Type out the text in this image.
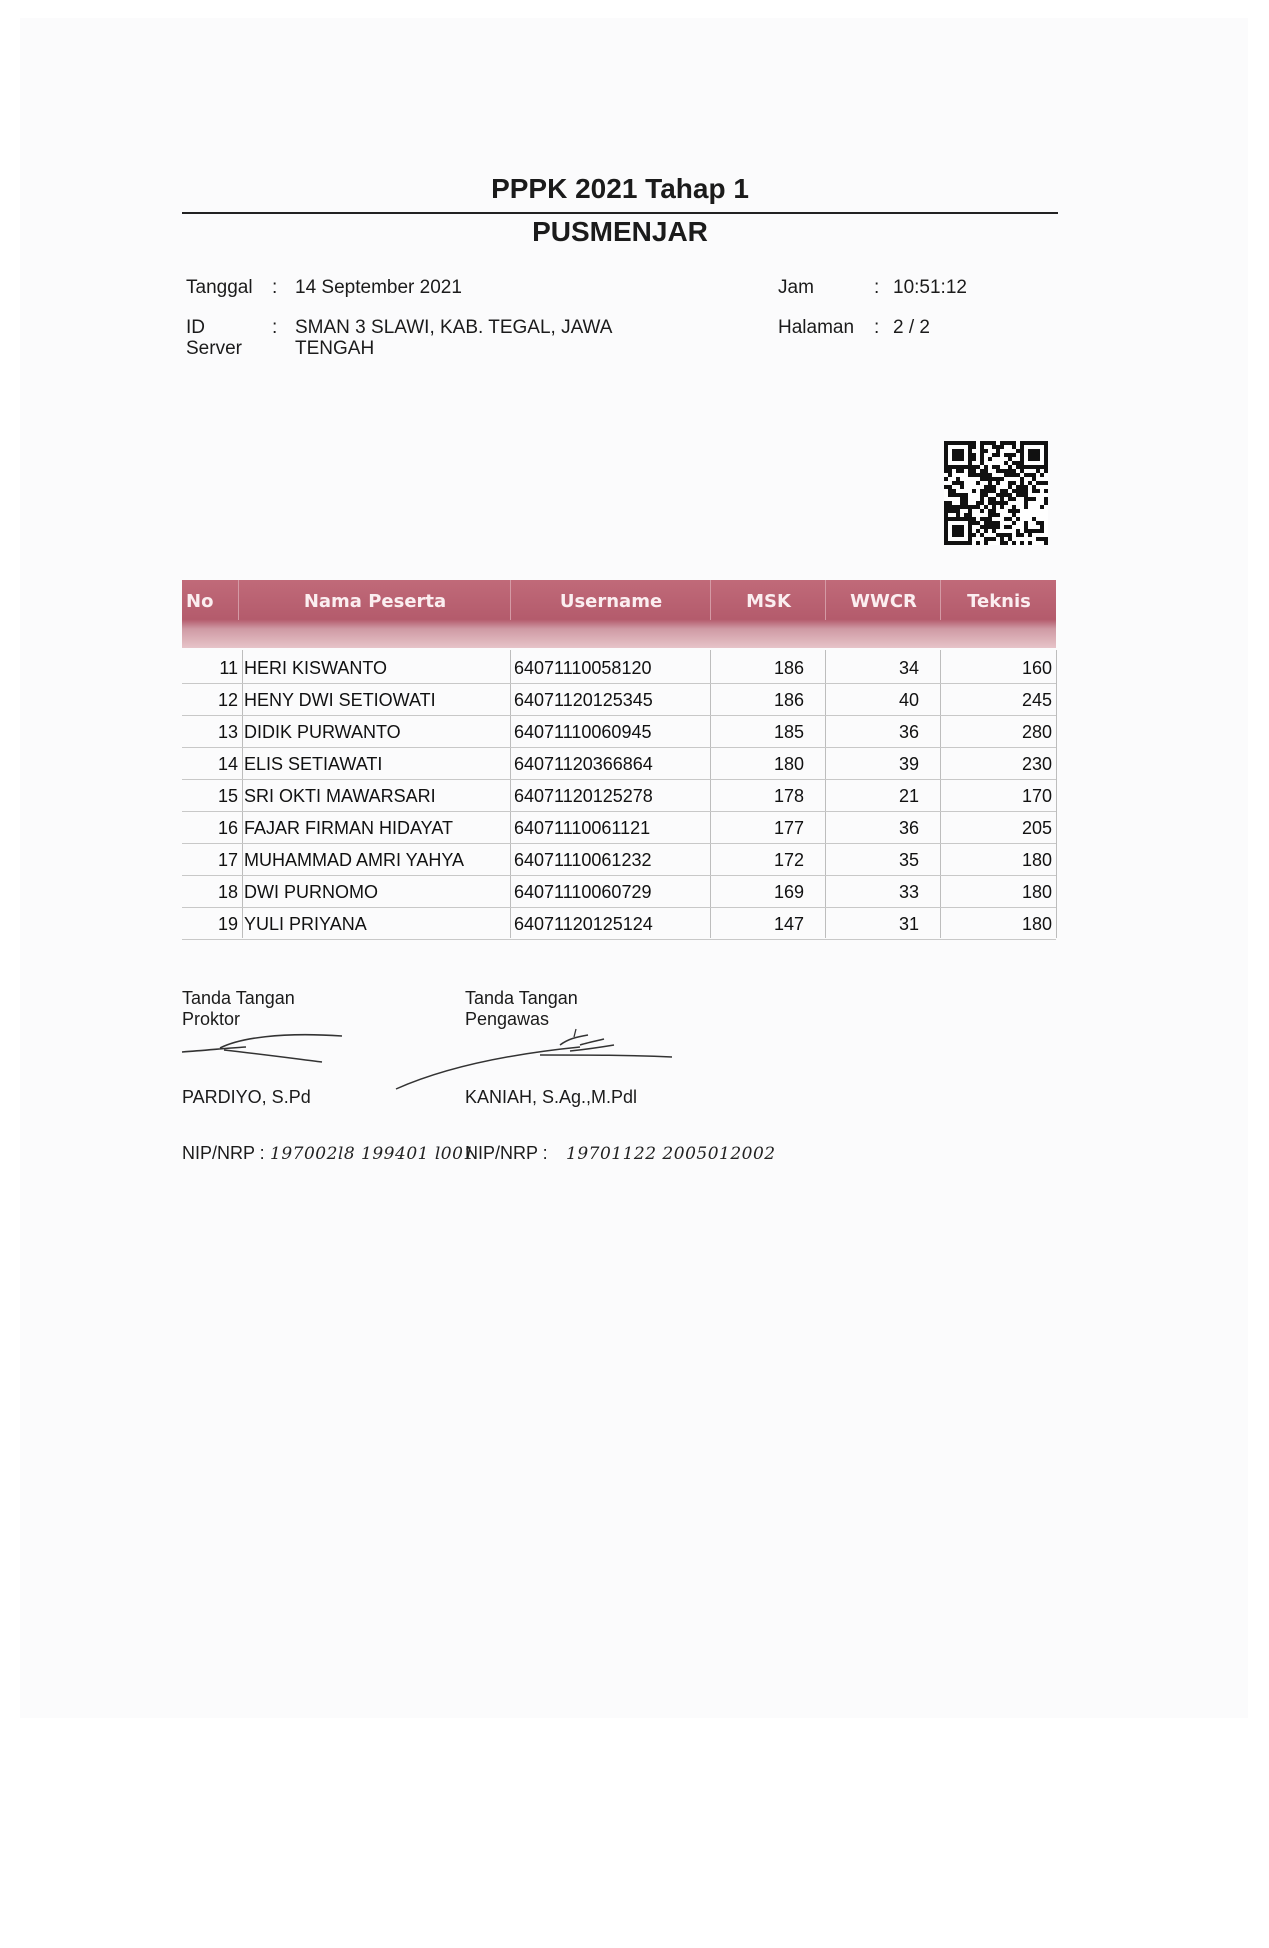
PPPK 2021 Tahap 1
PUSMENJAR
Tanggal : 14 September 2021
ID
Server
: SMAN 3 SLAWI, KAB. TEGAL, JAWA
TENGAH
Jam	: 10:51:12
Halaman : 2 / 2
No	Nama Peserta	Username	MSK	WWCR	Teknis
11 HERI KISWANTO	64071110058120	186	34	160
12 HENY DWI SETIOWATI	64071120125345	186	40	245
13 DIDIK PURWANTO	64071110060945	185	36	280
14 ELIS SETIAWATI	64071120366864	180	39	230
15 SRI OKTI MAWARSARI	64071120125278	178	21	170
16 FAJAR FIRMAN HIDAYAT	64071110061121	177	36	205
17 MUHAMMAD AMRI YAHYA	64071110061232	172	35	180
18 DWI PURNOMO	64071110060729	169	33	180
19 YULI PRIYANA	64071120125124	147	31	180
Tanda Tangan
Proktor
Tanda Tangan
Pengawas
PARDIYO, S.Pd	KANIAH, S.Ag.,M.Pdl
NIP/NRP : 197002l8 199401 l001
NIP/NRP : 19701122 2005012002
